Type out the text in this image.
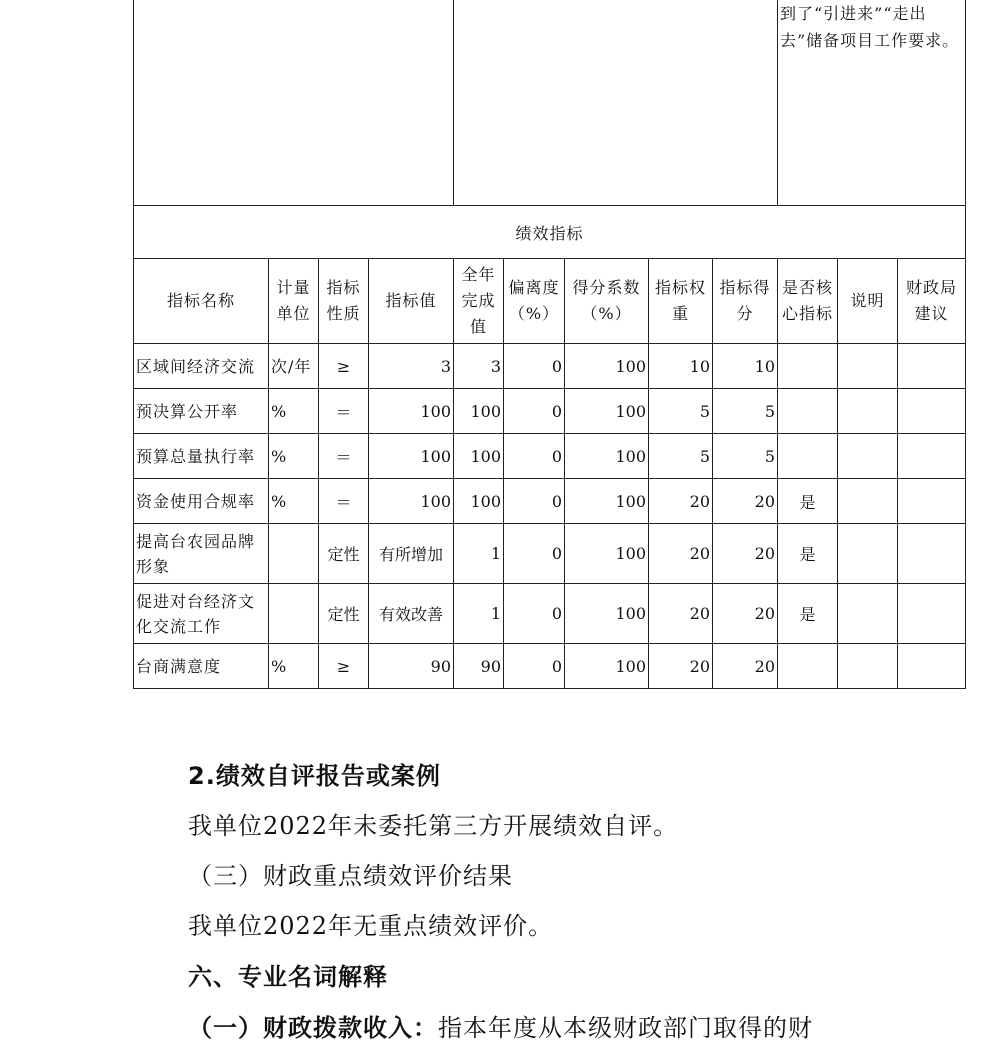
									到了“引进来”“走出去”储备项目工作要求。		
绩效指标											
指标名称	计量单位	指标性质	指标值	全年完成值	偏离度（%）	得分系数（%）	指标权重	指标得分	是否核心指标	说明	财政局建议
区域间经济交流	次/年	≥	3	3	0	100	10	10			
预决算公开率	%	＝	100	100	0	100	5	5			
预算总量执行率	%	＝	100	100	0	100	5	5			
资金使用合规率	%	＝	100	100	0	100	20	20	是		
提高台农园品牌形象		定性	有所增加	1	0	100	20	20	是		
促进对台经济文化交流工作		定性	有效改善	1	0	100	20	20	是		
台商满意度	%	≥	90	90	0	100	20	20			
2.绩效自评报告或案例
我单位2022年未委托第三方开展绩效自评。
（三）财政重点绩效评价结果
我单位2022年无重点绩效评价。
六、专业名词解释
（一）财政拨款收入：指本年度从本级财政部门取得的财
